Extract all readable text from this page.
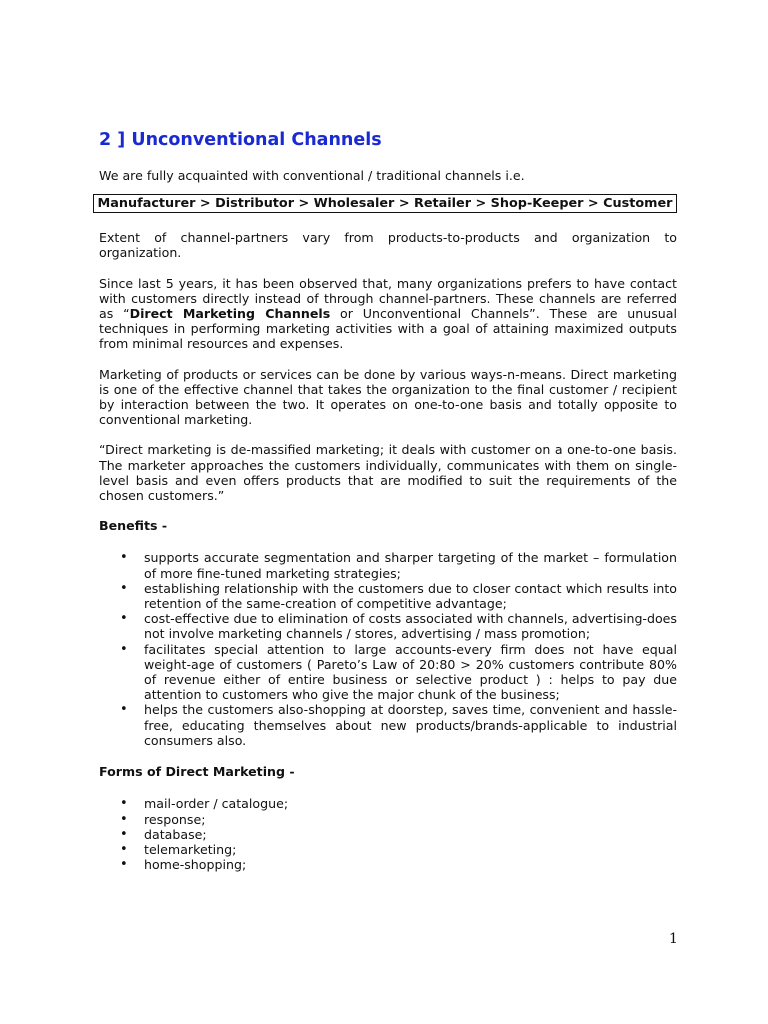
2 ] Unconventional Channels

We are fully acquainted with conventional / traditional channels i.e.

Manufacturer > Distributor > Wholesaler > Retailer > Shop-Keeper > Customer

Extent of channel-partners vary from products-to-products and organization to organization.

Since last 5 years, it has been observed that, many organizations prefers to have contact with customers directly instead of through channel-partners. These channels are referred as “Direct Marketing Channels or Unconventional Channels”. These are unusual techniques in performing marketing activities with a goal of attaining maximized outputs from minimal resources and expenses.

Marketing of products or services can be done by various ways-n-means. Direct marketing is one of the effective channel that takes the organization to the final customer / recipient by interaction between the two. It operates on one-to-one basis and totally opposite to conventional marketing.

“Direct marketing is de-massified marketing; it deals with customer on a one-to-one basis. The marketer approaches the customers individually, communicates with them on single-level basis and even offers products that are modified to suit the requirements of the chosen customers.”

Benefits -
• supports accurate segmentation and sharper targeting of the market – formulation of more fine-tuned marketing strategies;
• establishing relationship with the customers due to closer contact which results into retention of the same-creation of competitive advantage;
• cost-effective due to elimination of costs associated with channels, advertising-does not involve marketing channels / stores, advertising / mass promotion;
• facilitates special attention to large accounts-every firm does not have equal weight-age of customers ( Pareto’s Law of 20:80 > 20% customers contribute 80% of revenue either of entire business or selective product ) : helps to pay due attention to customers who give the major chunk of the business;
• helps the customers also-shopping at doorstep, saves time, convenient and hassle-free, educating themselves about new products/brands-applicable to industrial consumers also.
Forms of Direct Marketing -
• mail-order / catalogue;
• response;
• database;
• telemarketing;
• home-shopping;
1
